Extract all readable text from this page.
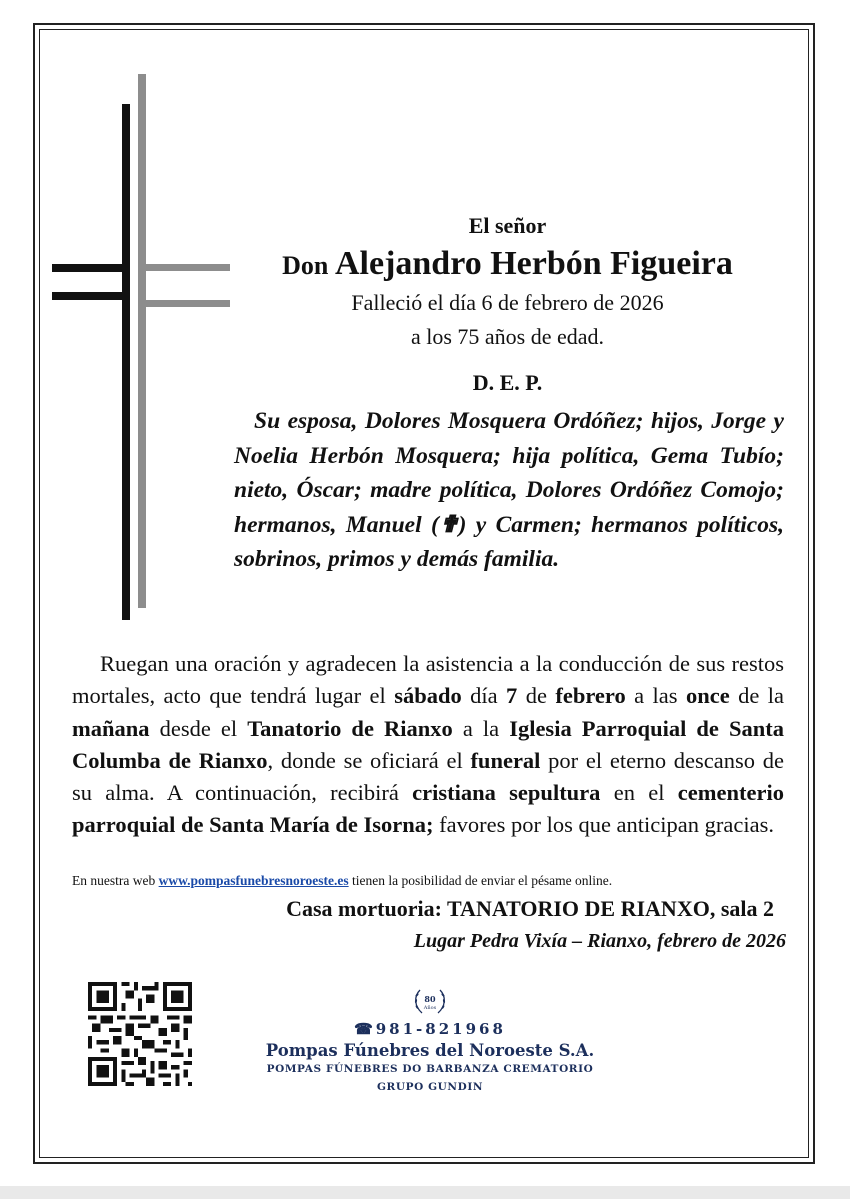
El señor
Don Alejandro Herbón Figueira
Falleció el día 6 de febrero de 2026
a los 75 años de edad.
D. E. P.
Su esposa, Dolores Mosquera Ordóñez; hijos, Jorge y Noelia Herbón Mosquera; hija política, Gema Tubío; nieto, Óscar; madre política, Dolores Ordóñez Comojo; hermanos, Manuel (✟) y Carmen; hermanos políticos, sobrinos, primos y demás familia.
Ruegan una oración y agradecen la asistencia a la conducción de sus restos mortales, acto que tendrá lugar el sábado día 7 de febrero a las once de la mañana desde el Tanatorio de Rianxo a la Iglesia Parroquial de Santa Columba de Rianxo, donde se oficiará el funeral por el eterno descanso de su alma. A continuación, recibirá cristiana sepultura en el cementerio parroquial de Santa María de Isorna; favores por los que anticipan gracias.
En nuestra web www.pompasfunebresnoroeste.es tienen la posibilidad de enviar el pésame online.
Casa mortuoria: TANATORIO DE RIANXO, sala 2
Lugar Pedra Vixía – Rianxo, febrero de 2026
80
Años
☎981-821968
Pompas Fúnebres del Noroeste S.A.
POMPAS FÚNEBRES DO BARBANZA CREMATORIO
GRUPO GUNDIN
